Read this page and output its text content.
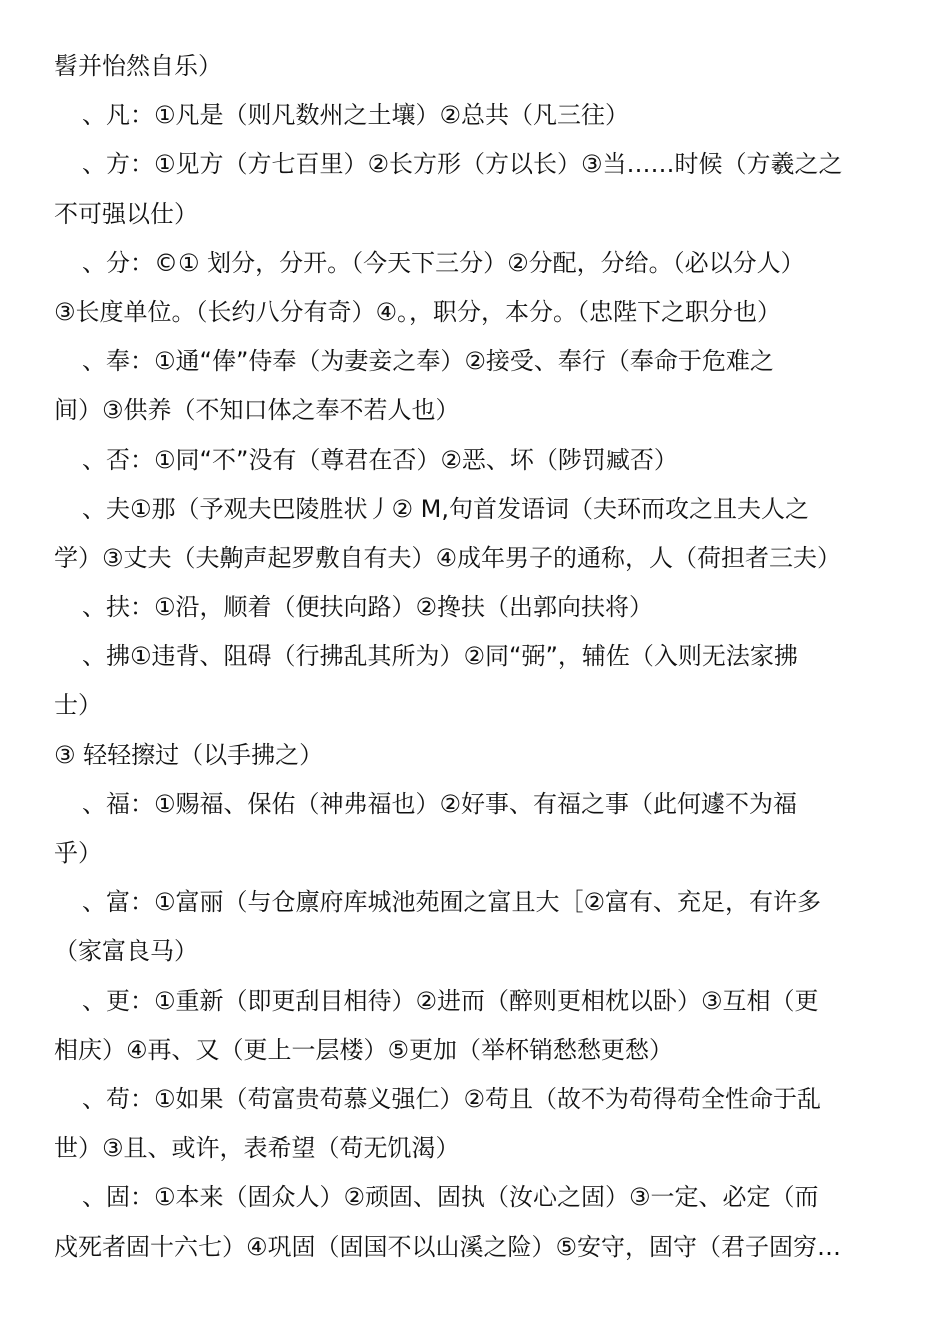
髫并怡然自乐）
、凡：①凡是（则凡数州之土壤）②总共（凡三往）
、方：①见方（方七百里）②长方形（方以长）③当……时候（方羲之之
不可强以仕）
、分：©① 划分，分开。（今天下三分）②分配，分给。（必以分人）
③长度单位。（长约八分有奇）④。，职分，本分。（忠陛下之职分也）
、奉：①通“俸”侍奉（为妻妾之奉）②接受、奉行（奉命于危难之
间）③供养（不知口体之奉不若人也）
、否：①同“不”没有（尊君在否）②恶、坏（陟罚臧否）
、夫①那（予观夫巴陵胜状丿② M,句首发语词（夫环而攻之且夫人之
学）③丈夫（夫齁声起罗敷自有夫）④成年男子的通称，人（荷担者三夫）
、扶：①沿，顺着（便扶向路）②搀扶（出郭向扶将）
、拂①违背、阻碍（行拂乱其所为）②同“弼”，辅佐（入则无法家拂
士）
③ 轻轻擦过（以手拂之）
、福：①赐福、保佑（神弗福也）②好事、有福之事（此何遽不为福
乎）
、富：①富丽（与仓廪府库城池苑囿之富且大［②富有、充足，有许多
（家富良马）
、更：①重新（即更刮目相待）②进而（醉则更相枕以卧）③互相（更
相庆）④再、又（更上一层楼）⑤更加（举杯销愁愁更愁）
、苟：①如果（苟富贵苟慕义强仁）②苟且（故不为苟得苟全性命于乱
世）③且、或许，表希望（苟无饥渴）
、固：①本来（固众人）②顽固、固执（汝心之固）③一定、必定（而
戍死者固十六七）④巩固（固国不以山溪之险）⑤安守，固守（君子固穷…
